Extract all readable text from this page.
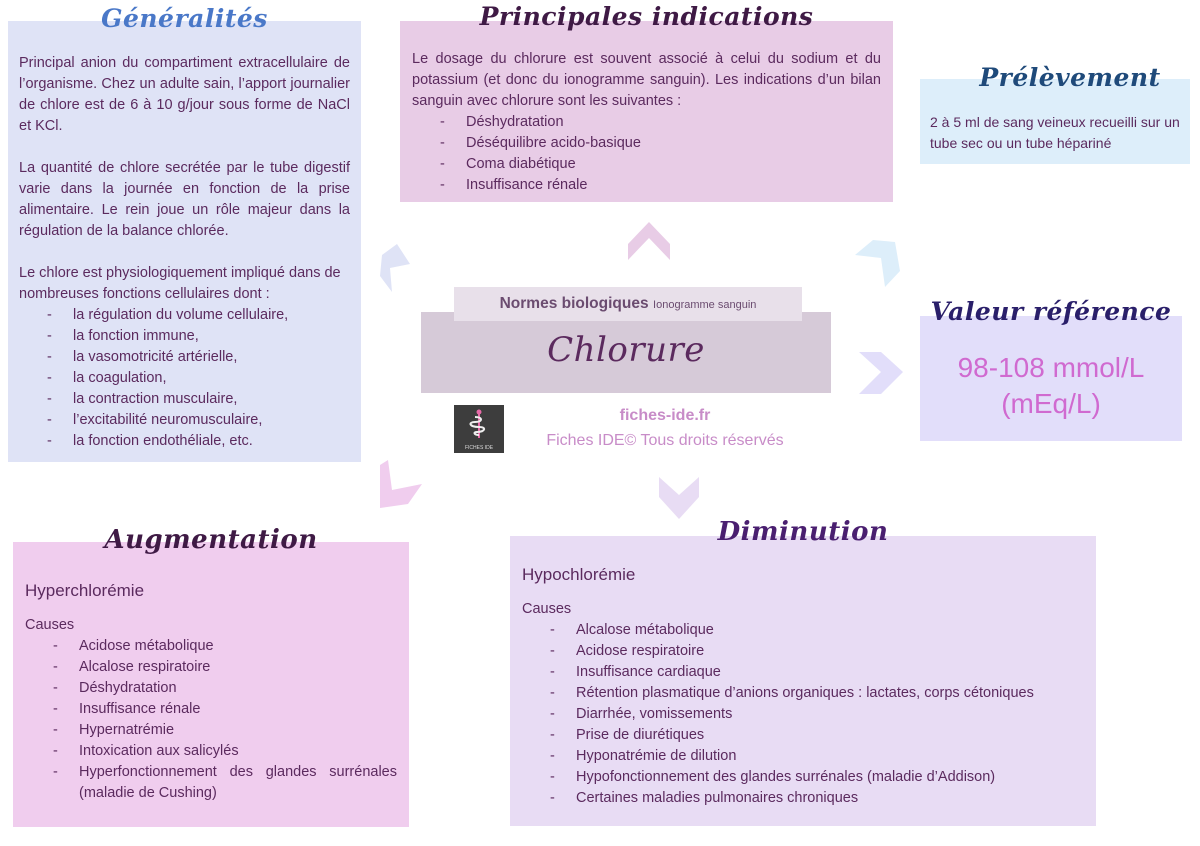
Principal anion du compartiment extracellulaire de l’organisme. Chez un adulte sain, l’apport journalier de chlore est de 6 à 10 g/jour sous forme de NaCl et KCl.

La quantité de chlore secrétée par le tube digestif varie dans la journée en fonction de la prise alimentaire. Le rein joue un rôle majeur dans la régulation de la balance chlorée.

Le chlore est physiologiquement impliqué dans de nombreuses fonctions cellulaires dont :

- la régulation du volume cellulaire,
- la fonction immune,
- la vasomotricité artérielle,
- la coagulation,
- la contraction musculaire,
- l’excitabilité neuromusculaire,
- la fonction endothéliale, etc.
Généralités

Le dosage du chlorure est souvent associé à celui du sodium et du potassium (et donc du ionogramme sanguin). Les indications d’un bilan sanguin avec chlorure sont les suivantes :

- Déshydratation
- Déséquilibre acido-basique
- Coma diabétique
- Insuffisance rénale
Principales indications

2 à 5 ml de sang veineux recueilli sur un tube sec ou un tube hépariné

Prélèvement
Normes biologiques Ionogramme sanguin
Chlorure
FICHES IDE
fiches-ide.fr
Fiches IDE© Tous droits réservés
98-108 mmol/L
(mEq/L)
Valeur référence

Hyperchlorémie

Causes

- Acidose métabolique
- Alcalose respiratoire
- Déshydratation
- Insuffisance rénale
- Hypernatrémie
- Intoxication aux salicylés
- Hyperfonctionnement des glandes surrénales (maladie de Cushing)
Augmentation

Hypochlorémie

Causes

- Alcalose métabolique
- Acidose respiratoire
- Insuffisance cardiaque
- Rétention plasmatique d’anions organiques : lactates, corps cétoniques
- Diarrhée, vomissements
- Prise de diurétiques
- Hyponatrémie de dilution
- Hypofonctionnement des glandes surrénales (maladie d’Addison)
- Certaines maladies pulmonaires chroniques
Diminution
